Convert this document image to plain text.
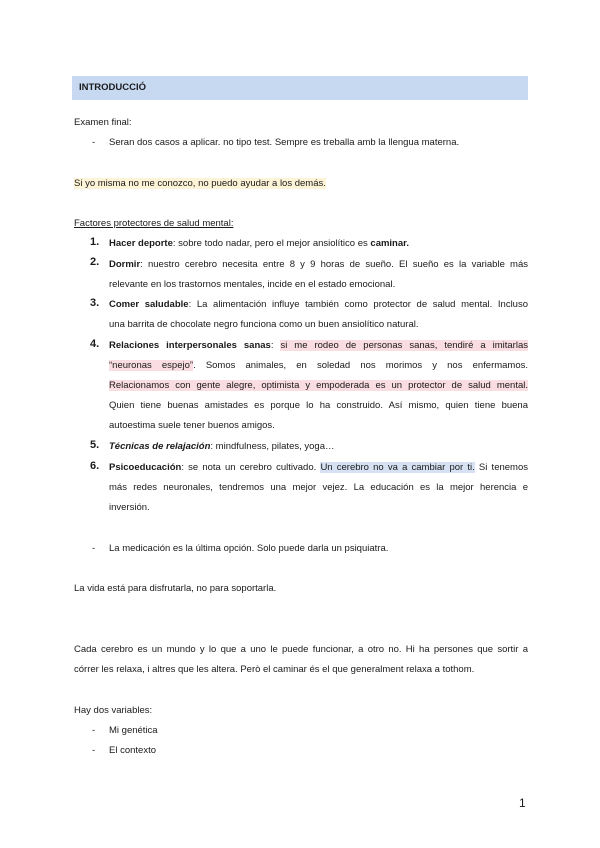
INTRODUCCIÓ
Examen final:
- Seran dos casos a aplicar. no tipo test. Sempre es treballa amb la llengua materna.
Si yo misma no me conozco, no puedo ayudar a los demás.
Factores protectores de salud mental:
1. Hacer deporte: sobre todo nadar, pero el mejor ansiolítico es caminar.
2. Dormir: nuestro cerebro necesita entre 8 y 9 horas de sueño. El sueño es la variable más
relevante en los trastornos mentales, incide en el estado emocional.
3. Comer saludable: La alimentación influye también como protector de salud mental. Incluso
una barrita de chocolate negro funciona como un buen ansiolítico natural.
4. Relaciones interpersonales sanas: si me rodeo de personas sanas, tendiré a imitarlas
“neuronas espejo”. Somos animales, en soledad nos morimos y nos enfermamos.
Relacionamos con gente alegre, optimista y empoderada es un protector de salud mental.
Quien tiene buenas amistades es porque lo ha construido. Así mismo, quien tiene buena
autoestima suele tener buenos amigos.
5. Técnicas de relajación: mindfulness, pilates, yoga…
6. Psicoeducación: se nota un cerebro cultivado. Un cerebro no va a cambiar por ti. Si tenemos
más redes neuronales, tendremos una mejor vejez. La educación es la mejor herencia e
inversión.
- La medicación es la última opción. Solo puede darla un psiquiatra.
La vida está para disfrutarla, no para soportarla.
Cada cerebro es un mundo y lo que a uno le puede funcionar, a otro no. Hi ha persones que sortir a
córrer les relaxa, i altres que les altera. Però el caminar és el que generalment relaxa a tothom.
Hay dos variables:
- Mi genética
- El contexto
1
